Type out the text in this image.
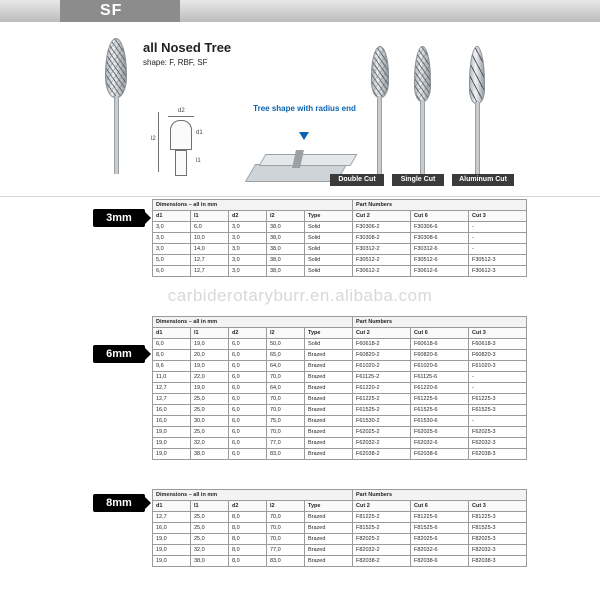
SF
all Nosed Tree
shape: F, RBF, SF
l2
d2
d1
l1
Tree shape with radius end
Double Cut	Single Cut	Aluminum Cut
3mm
Dimensions – all in mm					Part Numbers		
d1	l1	d2	l2	Type	Cut 2	Cut 6	Cut 3
3,0	6,0	3,0	38,0	Solid	F30306-2	F30306-6	-
3,0	10,0	3,0	38,0	Solid	F30308-2	F30308-6	-
3,0	14,0	3,0	38,0	Solid	F30312-2	F30312-6	-
5,0	12,7	3,0	38,0	Solid	F30512-2	F30512-6	F30512-3
6,0	12,7	3,0	38,0	Solid	F30612-2	F30612-6	F30612-3
carbiderotaryburr.en.alibaba.com
6mm
Dimensions – all in mm					Part Numbers		
d1	l1	d2	l2	Type	Cut 2	Cut 6	Cut 3
6,0	19,0	6,0	50,0	Solid	F60618-2	F60618-6	F60618-3
8,0	20,0	6,0	65,0	Brazed	F60820-2	F60820-6	F60820-3
9,6	19,0	6,0	64,0	Brazed	F61020-2	F61020-6	F61020-3
11,0	22,0	6,0	70,0	Brazed	F61125-2	F61125-6	-
12,7	19,0	6,0	64,0	Brazed	F61220-2	F61220-6	-
12,7	25,0	6,0	70,0	Brazed	F61225-2	F61225-6	F61225-3
16,0	25,0	6,0	70,0	Brazed	F61525-2	F61525-6	F61525-3
16,0	30,0	6,0	75,0	Brazed	F61530-2	F61530-6	-
19,0	25,0	6,0	70,0	Brazed	F62025-2	F62025-6	F62025-3
19,0	32,0	6,0	77,0	Brazed	F62032-2	F62032-6	F62032-3
19,0	38,0	6,0	83,0	Brazed	F62038-2	F62038-6	F62038-3
8mm
Dimensions – all in mm					Part Numbers		
d1	l1	d2	l2	Type	Cut 2	Cut 6	Cut 3
12,7	25,0	8,0	70,0	Brazed	F81225-2	F81225-6	F81225-3
16,0	25,0	8,0	70,0	Brazed	F81525-2	F81525-6	F81525-3
19,0	25,0	8,0	70,0	Brazed	F82025-2	F82025-6	F82025-3
19,0	32,0	8,0	77,0	Brazed	F82032-2	F82032-6	F82032-3
19,0	38,0	8,0	83,0	Brazed	F82038-2	F82038-6	F82038-3
